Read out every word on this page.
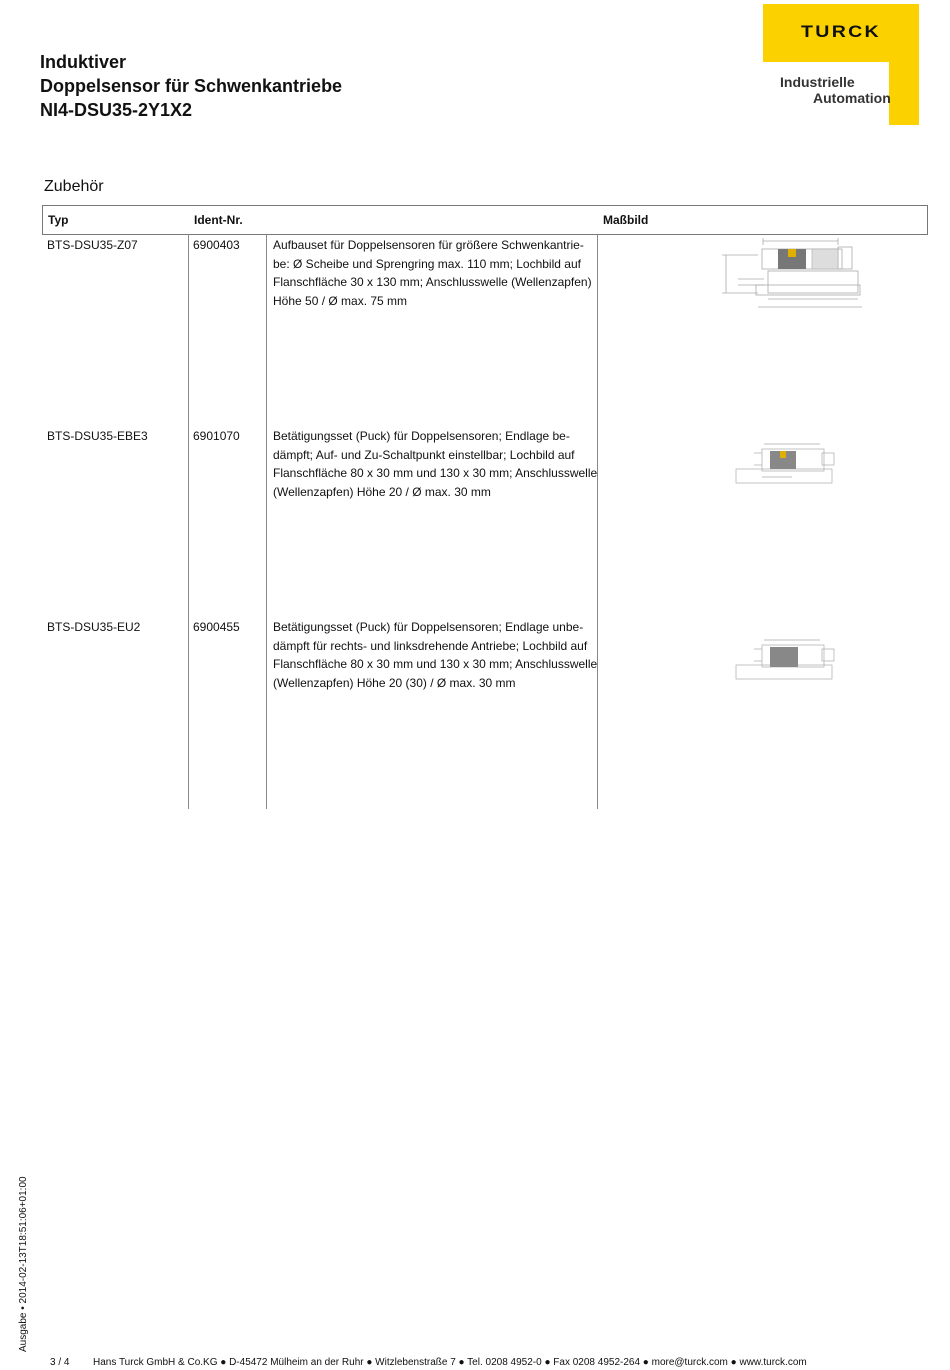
Induktiver
Doppelsensor für Schwenkantriebe
NI4-DSU35-2Y1X2
TURCK
Industrielle
Automation
Zubehör
Typ	Ident-Nr.	Maßbild
BTS-DSU35-Z07	6900403	Aufbauset für Doppelsensoren für größere Schwenkantrie-
be: Ø Scheibe und Sprengring max. 110 mm; Lochbild auf
Flanschfläche 30 x 130 mm; Anschlusswelle (Wellenzapfen)
Höhe 50 / Ø max. 75 mm
BTS-DSU35-EBE3	6901070	Betätigungsset (Puck) für Doppelsensoren; Endlage be-
dämpft; Auf- und Zu-Schaltpunkt einstellbar; Lochbild auf
Flanschfläche 80 x 30 mm und 130 x 30 mm; Anschlusswelle
(Wellenzapfen) Höhe 20 / Ø max. 30 mm
BTS-DSU35-EU2	6900455	Betätigungsset (Puck) für Doppelsensoren; Endlage unbe-
dämpft für rechts- und linksdrehende Antriebe; Lochbild auf
Flanschfläche 80 x 30 mm und 130 x 30 mm; Anschlusswelle
(Wellenzapfen) Höhe 20 (30) / Ø max. 30 mm
3 / 4 Hans Turck GmbH & Co.KG ● D-45472 Mülheim an der Ruhr ● Witzlebenstraße 7 ● Tel. 0208 4952-0 ● Fax 0208 4952-264 ● more@turck.com ● www.turck.com
Ausgabe • 2014-02-13T18:51:06+01:00
